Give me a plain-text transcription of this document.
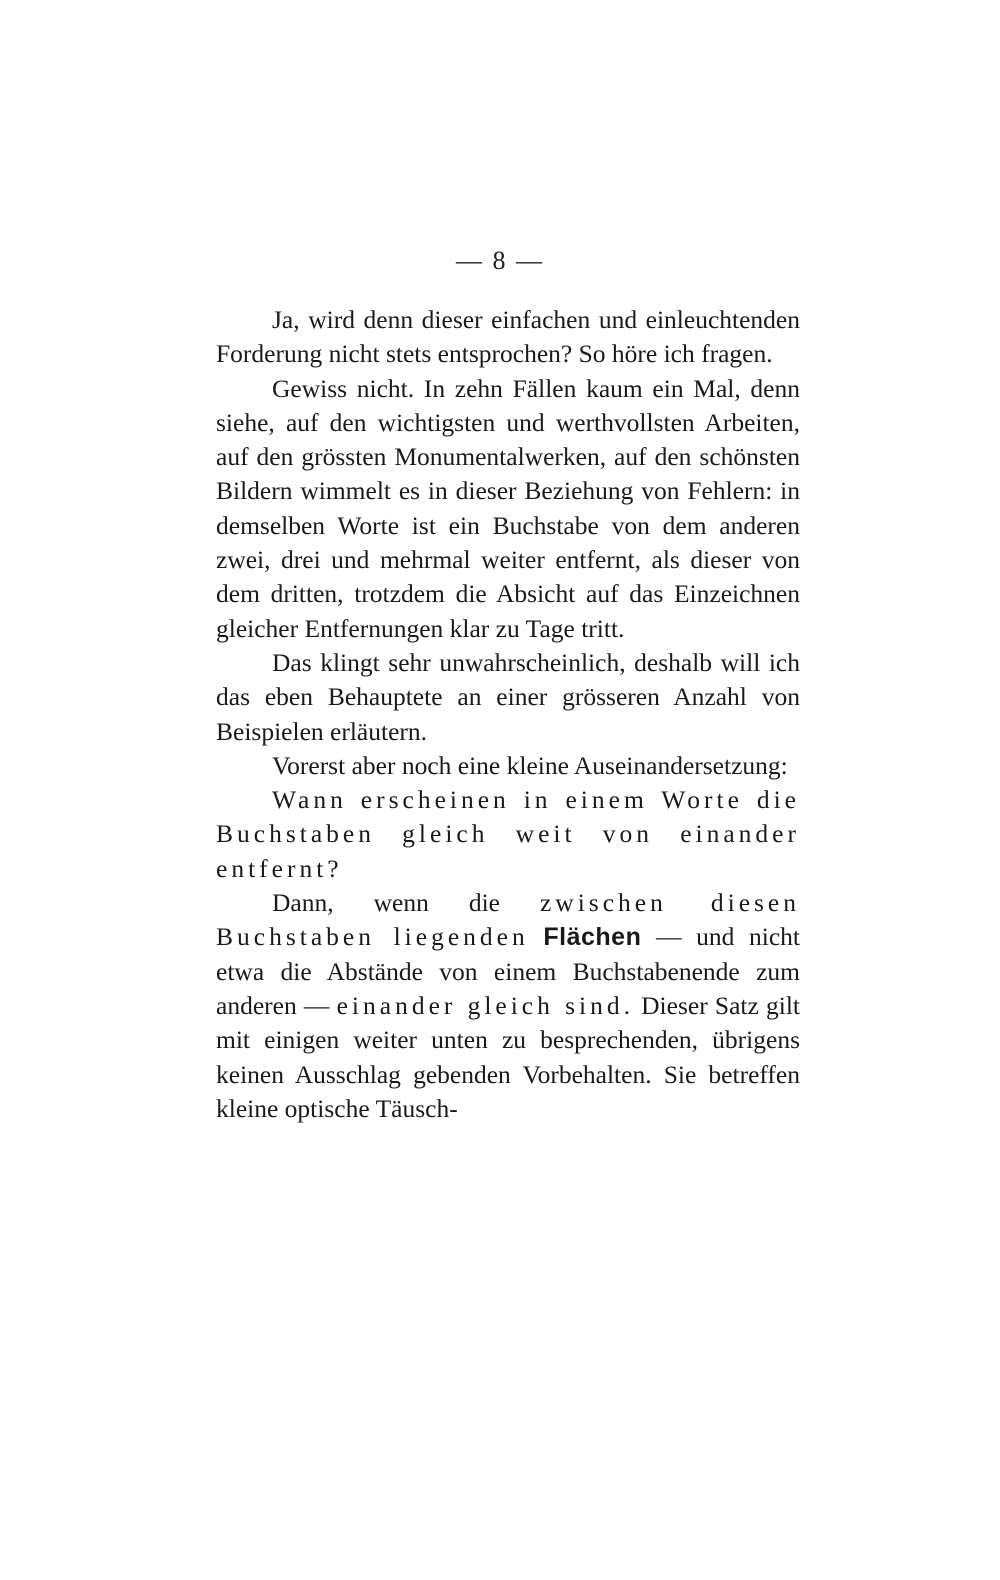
— 8 —

Ja, wird denn dieser einfachen und einleuchtenden Forderung nicht stets entsprochen? So höre ich fragen.

Gewiss nicht. In zehn Fällen kaum ein Mal, denn siehe, auf den wichtigsten und werthvollsten Arbeiten, auf den grössten Monumentalwerken, auf den schönsten Bildern wimmelt es in dieser Beziehung von Fehlern: in demselben Worte ist ein Buchstabe von dem anderen zwei, drei und mehrmal weiter entfernt, als dieser von dem dritten, trotzdem die Absicht auf das Einzeichnen gleicher Entfernungen klar zu Tage tritt.

Das klingt sehr unwahrscheinlich, deshalb will ich das eben Behauptete an einer grösseren Anzahl von Beispielen erläutern.

Vorerst aber noch eine kleine Auseinandersetzung:

Wann erscheinen in einem Worte die Buchstaben gleich weit von einander entfernt?

Dann, wenn die zwischen diesen Buchstaben liegenden Flächen — und nicht etwa die Abstände von einem Buchstabenende zum anderen — einander gleich sind. Dieser Satz gilt mit einigen weiter unten zu besprechenden, übrigens keinen Ausschlag gebenden Vorbehalten. Sie betreffen kleine optische Täusch-
